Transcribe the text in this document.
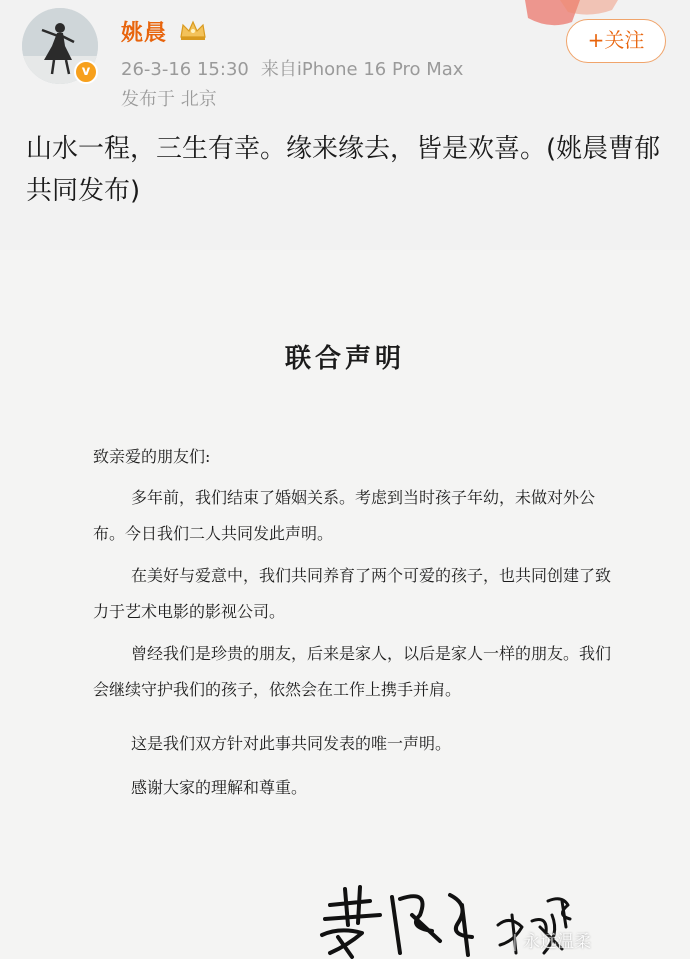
v
姚晨
26-3-16 15:30 来自iPhone 16 Pro Max
发布于 北京
+关注
山水一程，三生有幸。缘来缘去，皆是欢喜。(姚晨曹郁共同发布)
联合声明
致亲爱的朋友们:
多年前，我们结束了婚姻关系。考虑到当时孩子年幼，未做对外公布。今日我们二人共同发此声明。
在美好与爱意中，我们共同养育了两个可爱的孩子，也共同创建了致力于艺术电影的影视公司。
曾经我们是珍贵的朋友，后来是家人，以后是家人一样的朋友。我们会继续守护我们的孩子，依然会在工作上携手并肩。
这是我们双方针对此事共同发表的唯一声明。
感谢大家的理解和尊重。
| 永远温柔
